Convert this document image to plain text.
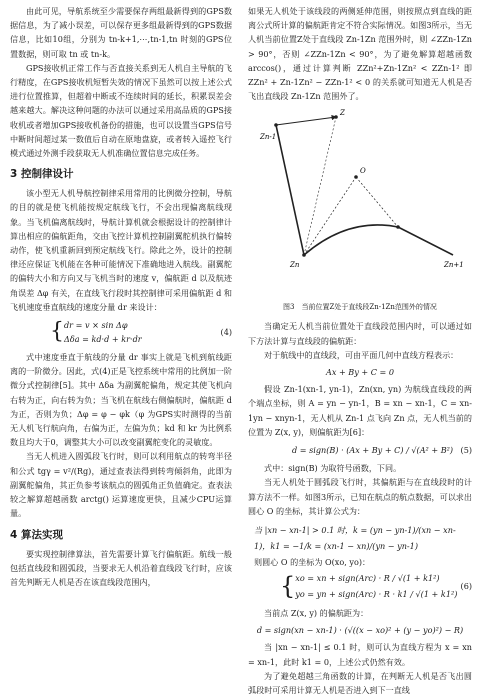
由此可见，导航系统至少需要保存两组最新得到的GPS数据信息，为了减小误差，可以保存更多组最新得到的GPS数据信息，比如10组，分别为 tn-k+1,⋯,tn-1,tn 时刻的GPS位置数据，则可取 tn 或 tn-k。

GPS接收机正常工作与否直接关系到无人机自主导航的飞行精度，在GPS接收机短暂失效的情况下虽然可以按上述公式进行位置推算，但超着中断或不连续时间的延长，积累误差会越来越大。解决这种问题的办法可以通过采用高品质的GPS接收机或者增加GPS接收机备份的措施，也可以设置当GPS信号中断时间超过某一数值后自动在原地盘旋，或者转入遥控飞行模式通过外测手段获取无人机准确位置信息完成任务。

3 控制律设计

该小型无人机导航控制律采用常用的比例微分控制，导航的目的就是使飞机能按规定航线飞行，不会出现偏离航线现象。当飞机偏离航线时，导航计算机就会根据设计的控制律计算出相应的偏航距角，交由飞控计算机控制副翼舵机执行偏转动作，使飞机重新回到预定航线飞行。除此之外，设计的控制律还应保证飞机能在各种可能情况下准确地进入航线。副翼舵的偏转大小和方向又与飞机当时的速度 v，偏航距 d 以及航迹角误差 Δφ 有关，在直线飞行段时其控制律可采用偏航距 d 和飞机速度垂直航线的速度分量 dr 来设计：

{ dr = v × sin Δφ
Δδa = kd·d + kr·dr
(4)

式中速度垂直于航线的分量 dr 事实上就是飞机到航线距离的一阶微分。因此，式(4)正是飞控系统中常用的比例加一阶微分式控制律[5]。其中 Δδa 为副翼舵偏角，规定其使飞机向右转为正，向右转为负；当飞机在航线右侧偏航时，偏航距 d 为正，否则为负；Δφ = φ − φk（φ 为GPS实时测得的当前无人机飞行航向角，右偏为正，左偏为负；kd 和 kr 为比例系数且均大于0，调整其大小可以改变副翼舵变化的灵敏度。

当无人机进入圆弧段飞行时，则可以利用航点的转弯半径和公式 tgγ = v²/(Rg)，通过查表法得到转弯倾斜角，此即为副翼舵偏角，其正负参考该航点的圆弧角正负值确定。查表法较之解算超越函数 arctg() 运算速度更快，且减少CPU运算量。

4 算法实现

要实现控制律算法，首先需要计算飞行偏航距。航线一般包括直线段和圆弧段，当要求无人机沿着直线段飞行时，应该首先判断无人机是否在该直线段范围内，

如果无人机处于该线段的两侧延伸范围，则按照点到直线的距离公式所计算的偏航距肯定不符合实际情况。如图3所示，当无人机当前位置Z处于直线段 Zn-1Zn 范围外时，则 ∠ZZn-1Zn > 90°，否则 ∠ZZn-1Zn < 90°，为了避免解算超越函数 arccos()，通过计算判断 ZZn²+Zn-1Zn² < ZZn-1² 即 ZZn² + Zn-1Zn² − ZZn-1² < 0 的关系就可知道无人机是否飞出直线段 Zn-1Zn 范围外了。

Zn-1
O
Zn
Z
Zn+1
图3　当前位置Z处于直线段Zn-1Zn范围外的情况

当确定无人机当前位置处于直线段范围内时，可以通过如下方法计算与直线段的偏航距：

对于航线中的直线段，可由平面几何中直线方程表示：

Ax + By + C = 0

假设 Zn-1(xn-1, yn-1)，Zn(xn, yn) 为航线直线段的两个端点坐标，则 A = yn − yn-1，B = xn − xn-1，C = xn-1yn − xnyn-1，无人机从 Zn-1 点飞向 Zn 点，无人机当前的位置为 Z(x, y)，则偏航距为[6]：

d = sign(B) · (Ax + By + C) / √(A² + B²) (5)

式中：sign(B) 为取符号函数，下同。

当无人机处于圆弧段飞行时，其偏航距与在直线段时的计算方法不一样。如图3所示，已知在航点的航点数据，可以求出圆心 O 的坐标，其计算公式为：

当 |xn − xn-1| > 0.1 时，k = (yn − yn-1)/(xn − xn-1)，k1 = −1/k = (xn-1 − xn)/(yn − yn-1)
则圆心 O 的坐标为 O(xo, yo)：
{ xo = xn + sign(Arc) · R / √(1 + k1²)
yo = yn + sign(Arc) · R · k1 / √(1 + k1²)
(6)

当前点 Z(x, y) 的偏航距为：

d = sign(xn − xn-1) · (√((x − xo)² + (y − yo)²) − R)

当 |xn − xn-1| ≤ 0.1 时，则可认为直线方程为 x = xn = xn-1，此时 k1 = 0，上述公式仍然有效。

为了避免超越三角函数的计算，在判断无人机是否飞出圆弧段时可采用计算无人机是否进入到下一直线
